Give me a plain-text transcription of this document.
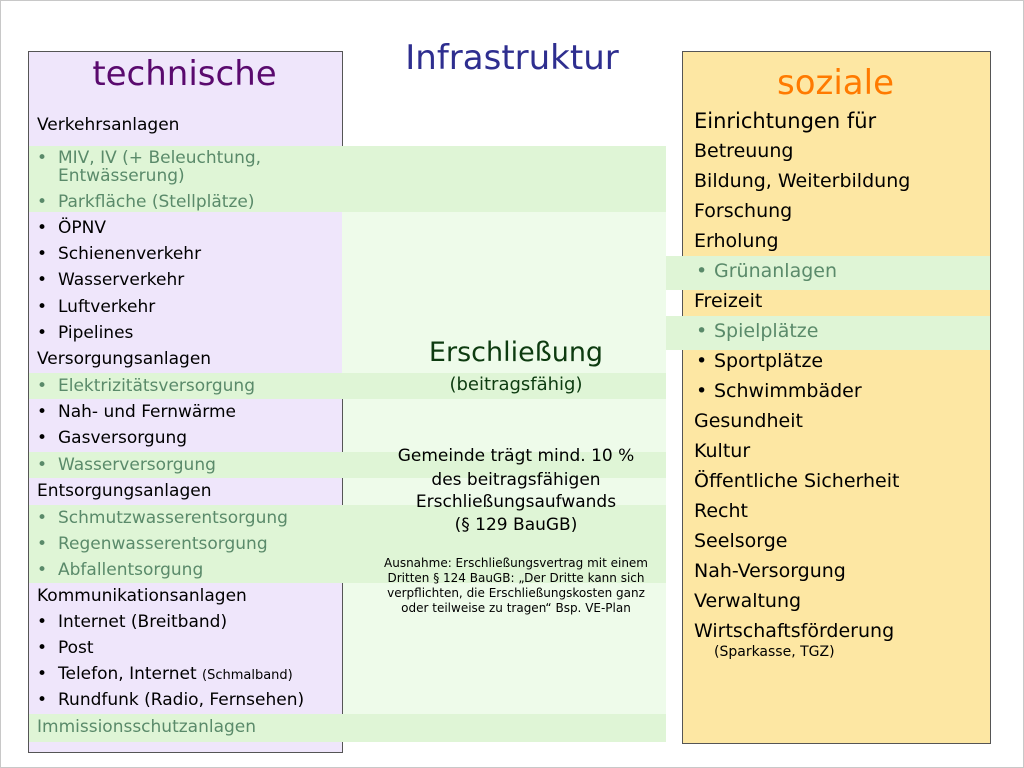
Infrastruktur
technische
Verkehrsanlagen
• MIV, IV (+ Beleuchtung,
Entwässerung)
• Parkfläche (Stellplätze)
• ÖPNV
• Schienenverkehr
• Wasserverkehr
• Luftverkehr
• Pipelines
Versorgungsanlagen
• Elektrizitätsversorgung
• Nah- und Fernwärme
• Gasversorgung
• Wasserversorgung
Entsorgungsanlagen
• Schmutzwasserentsorgung
• Regenwasserentsorgung
• Abfallentsorgung
Kommunikationsanlagen
• Internet (Breitband)
• Post
• Telefon, Internet (Schmalband)
• Rundfunk (Radio, Fernsehen)
Immissionsschutzanlagen
Erschließung
(beitragsfähig)
Gemeinde trägt mind. 10 %
des beitragsfähigen
Erschließungsaufwands
(§ 129 BauGB)
Ausnahme: Erschließungsvertrag mit einem
Dritten § 124 BauGB: „Der Dritte kann sich
verpflichten, die Erschließungskosten ganz
oder teilweise zu tragen“ Bsp. VE-Plan
soziale
Einrichtungen für
Betreuung
Bildung, Weiterbildung
Forschung
Erholung
• Grünanlagen
Freizeit
• Spielplätze
• Sportplätze
• Schwimmbäder
Gesundheit
Kultur
Öffentliche Sicherheit
Recht
Seelsorge
Nah-Versorgung
Verwaltung
Wirtschaftsförderung
(Sparkasse, TGZ)
